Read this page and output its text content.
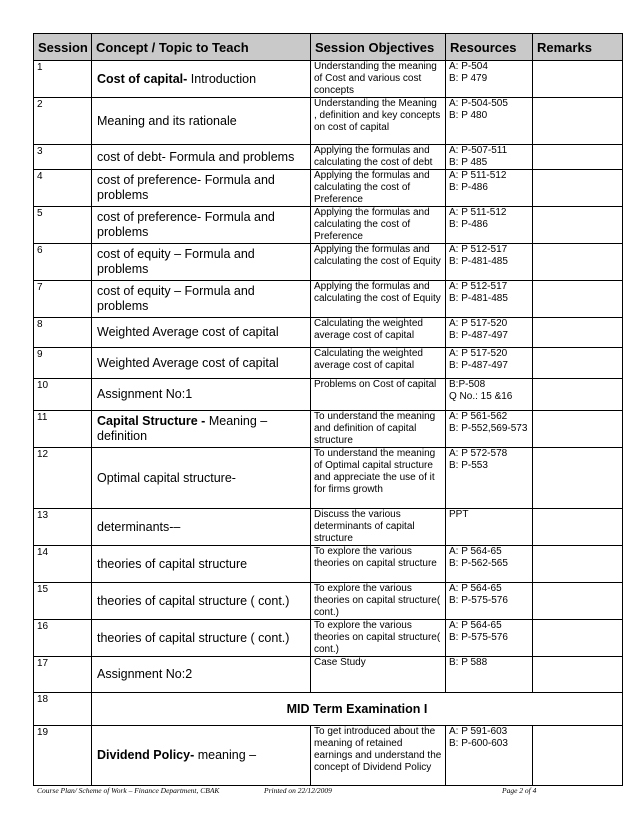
Session	Concept / Topic to Teach	Session Objectives	Resources	Remarks
1	Cost of capital- Introduction	Understanding the meaning of Cost and various cost concepts	A: P-504
B: P 479	
2	Meaning and its rationale	Understanding the Meaning , definition and key concepts on cost of capital	A: P-504-505
B: P 480	
3	cost of debt- Formula and problems	Applying the formulas and calculating the cost of debt	A: P-507-511
B: P 485	
4	cost of preference- Formula and problems	Applying the formulas and calculating the cost of Preference	A: P 511-512
B: P-486	
5	cost of preference- Formula and problems	Applying the formulas and calculating the cost of Preference	A: P 511-512
B: P-486	
6	cost of equity – Formula and problems	Applying the formulas and calculating the cost of Equity	A: P 512-517
B: P-481-485	
7	cost of equity – Formula and problems	Applying the formulas and calculating the cost of Equity	A: P 512-517
B: P-481-485	
8	Weighted Average cost of capital	Calculating the weighted average cost of capital	A: P 517-520
B: P-487-497	
9	Weighted Average cost of capital	Calculating the weighted average cost of capital	A: P 517-520
B: P-487-497	
10	Assignment No:1	Problems on Cost of capital	B:P-508
Q No.: 15 &16	
11	Capital Structure - Meaning – definition	To understand the meaning and definition of capital structure	A: P 561-562
B: P-552,569-573	
12	Optimal capital structure-	To understand the meaning of Optimal capital structure and appreciate the use of it for firms growth	A: P 572-578
B: P-553	
13	determinants-–	Discuss the various determinants of capital structure	PPT	
14	theories of capital structure	To explore the various theories on capital structure	A: P 564-65
B: P-562-565	
15	theories of capital structure ( cont.)	To explore the various theories on capital structure( cont.)	A: P 564-65
B: P-575-576	
16	theories of capital structure ( cont.)	To explore the various theories on capital structure( cont.)	A: P 564-65
B: P-575-576	
17	Assignment No:2	Case Study	B: P 588	
18	MID Term Examination I			
19	Dividend Policy- meaning –	To get introduced about the meaning of retained earnings and understand the concept of Dividend Policy	A: P 591-603
B: P-600-603	
Course Plan/ Scheme of Work – Finance Department, CBAK	Printed on 22/12/2009	Page 2 of 4
